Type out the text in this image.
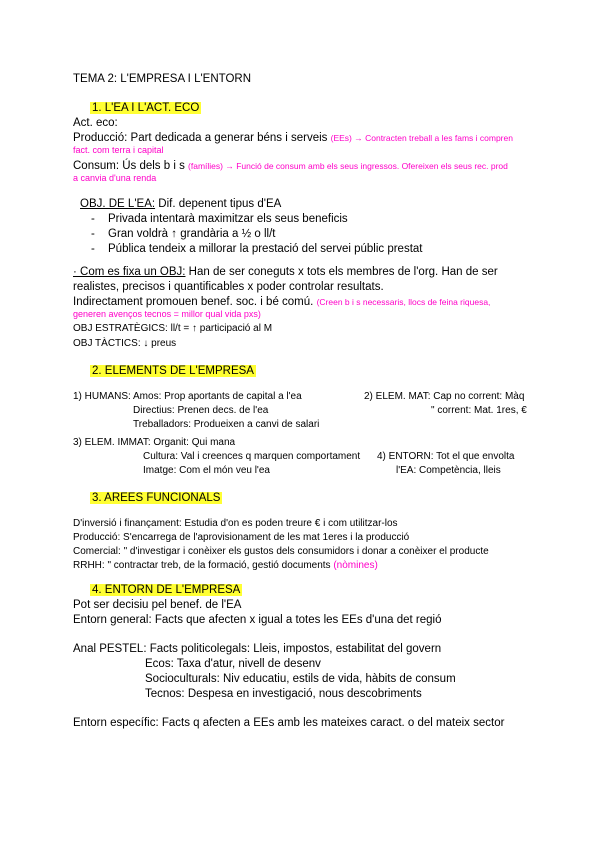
TEMA 2: L'EMPRESA I L'ENTORN
1. L'EA I L'ACT. ECO
Act. eco:
Producció: Part dedicada a generar béns i serveis (EEs) → Contracten treball a les fams i compren
fact. com terra i capital
Consum: Ús dels b i s (famílies) → Funció de consum amb els seus ingressos. Ofereixen els seus rec. prod
a canvia d'una renda
OBJ. DE L'EA: Dif. depenent tipus d'EA
- Privada intentarà maximitzar els seus beneficis
- Gran voldrà ↑ grandària a ½ o ll/t
- Pública tendeix a millorar la prestació del servei públic prestat
· Com es fixa un OBJ: Han de ser coneguts x tots els membres de l'org. Han de ser
realistes, precisos i quantificables x poder controlar resultats.
Indirectament promouen benef. soc. i bé comú. (Creen b i s necessaris, llocs de feina riquesa,
generen avenços tecnos = millor qual vida pxs)
OBJ ESTRATÈGICS: ll/t = ↑ participació al M
OBJ TÀCTICS: ↓ preus
2. ELEMENTS DE L'EMPRESA
1) HUMANS: Amos: Prop aportants de capital a l'ea
Directius: Prenen decs. de l'ea
Treballadors: Produeixen a canvi de salari
2) ELEM. MAT: Cap no corrent: Màq
" corrent: Mat. 1res, €
3) ELEM. IMMAT: Organit: Qui mana
Cultura: Val i creences q marquen comportament
Imatge: Com el món veu l'ea
4) ENTORN: Tot el que envolta
l'EA: Competència, lleis
3. AREES FUNCIONALS
D'inversió i finançament: Estudia d'on es poden treure € i com utilitzar-los
Producció: S'encarrega de l'aprovisionament de les mat 1eres i la producció
Comercial: " d'investigar i conèixer els gustos dels consumidors i donar a conèixer el producte
RRHH: " contractar treb, de la formació, gestió documents (nòmines)
4. ENTORN DE L'EMPRESA
Pot ser decisiu pel benef. de l'EA
Entorn general: Facts que afecten x igual a totes les EEs d'una det regió
Anal PESTEL: Facts politicolegals: Lleis, impostos, estabilitat del govern
Ecos: Taxa d'atur, nivell de desenv
Socioculturals: Niv educatiu, estils de vida, hàbits de consum
Tecnos: Despesa en investigació, nous descobriments
Entorn específic: Facts q afecten a EEs amb les mateixes caract. o del mateix sector
